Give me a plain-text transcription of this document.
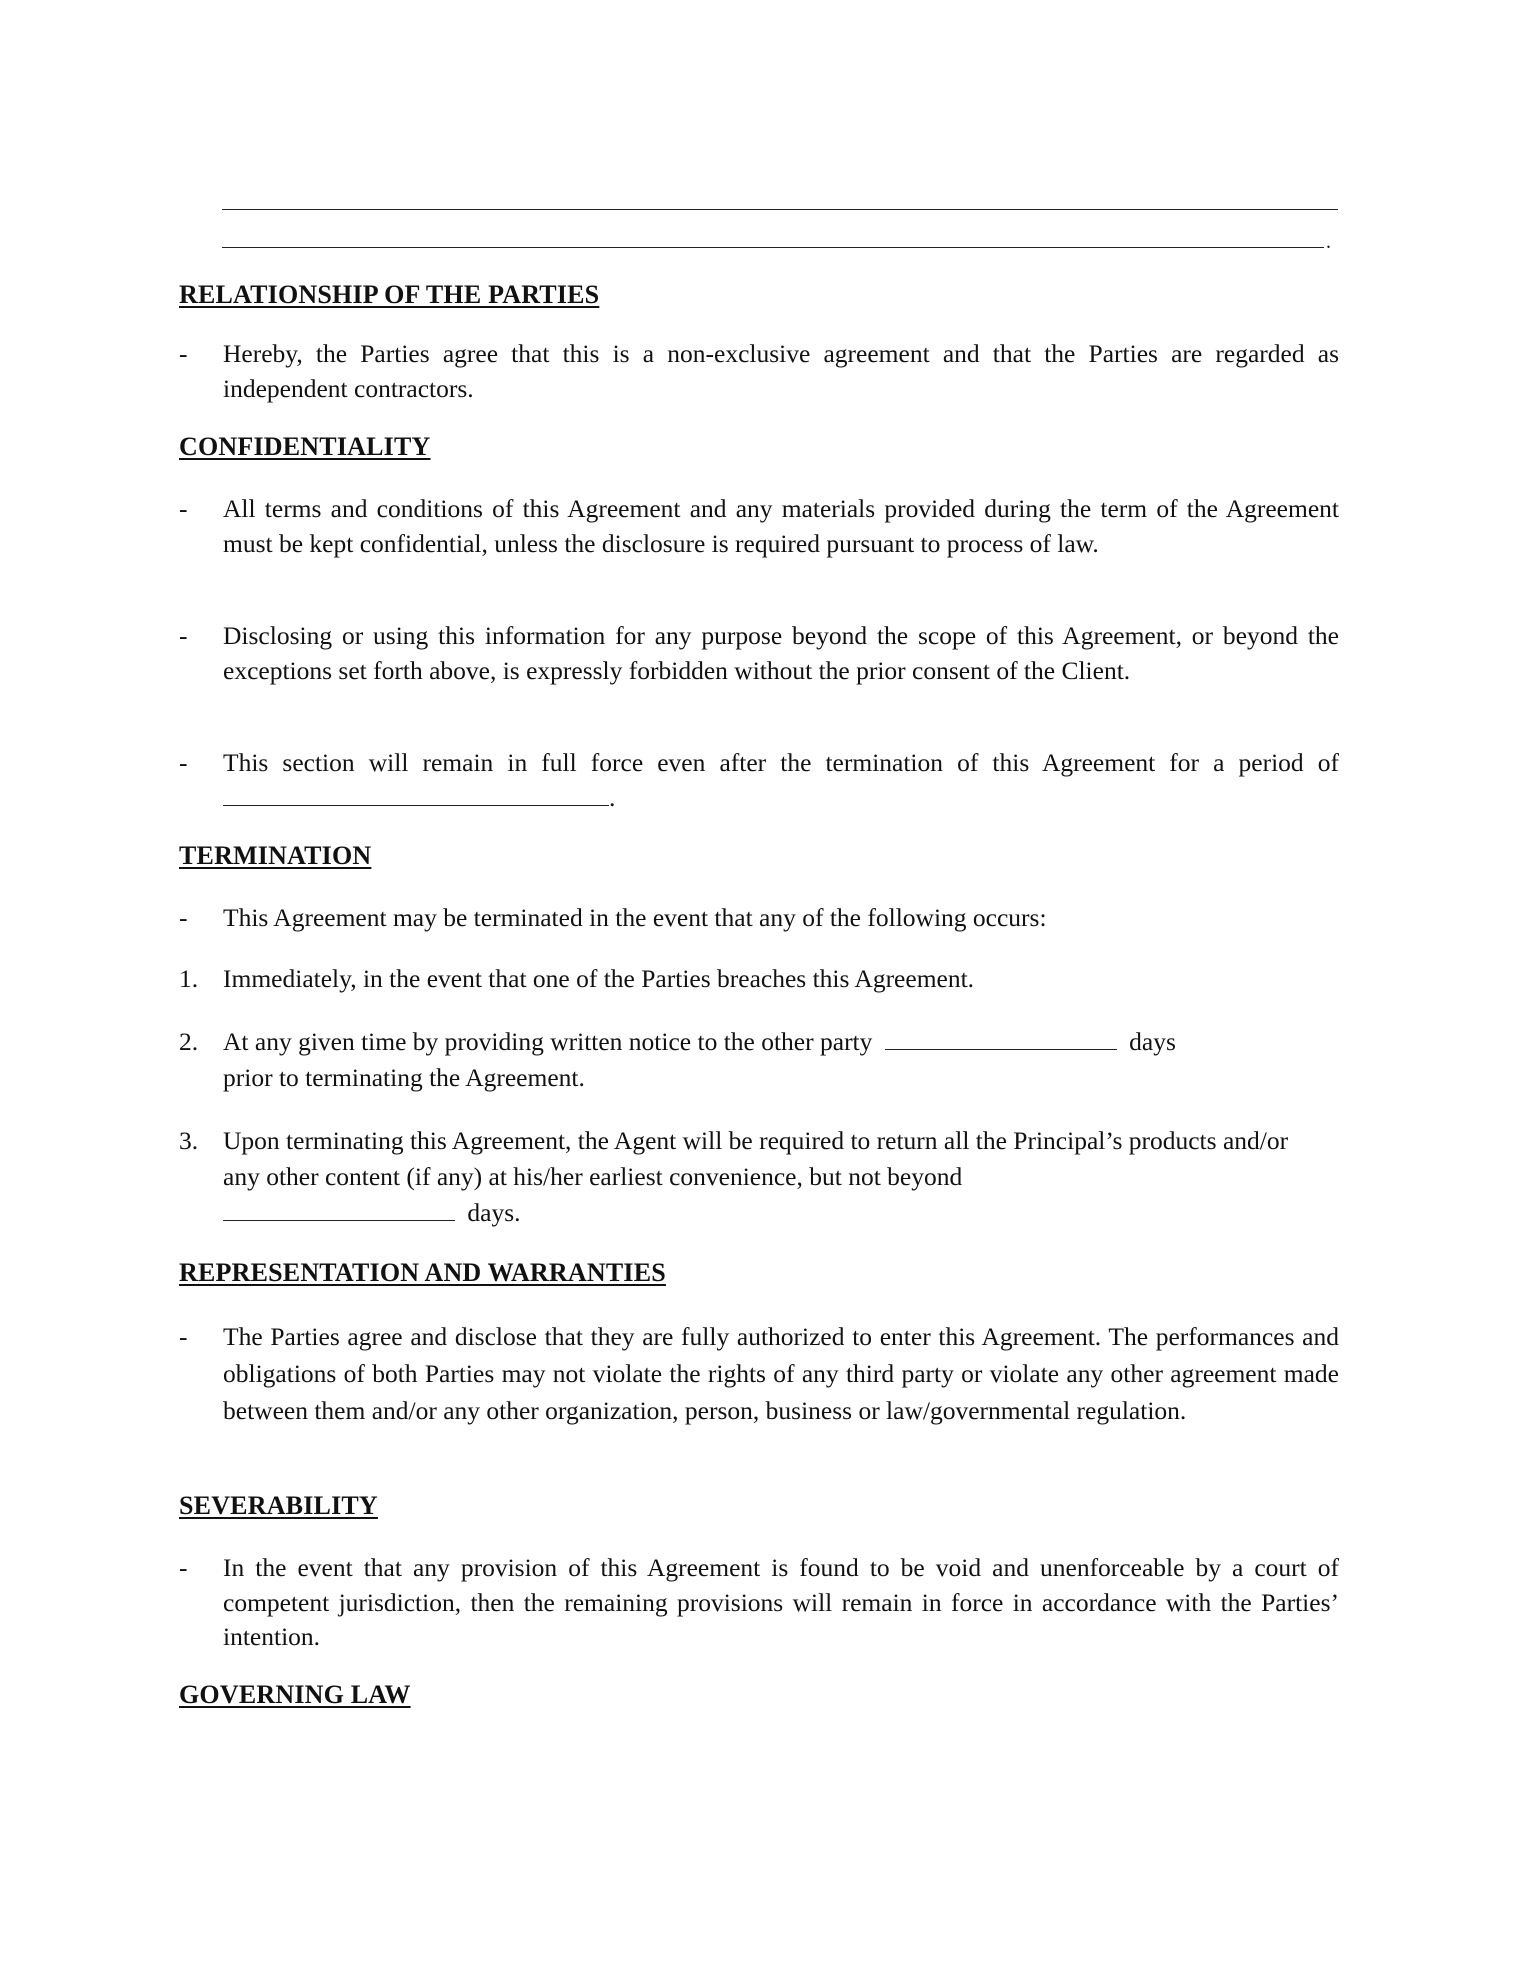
.
RELATIONSHIP OF THE PARTIES
- Hereby, the Parties agree that this is a non-exclusive agreement and that the Parties are regarded as independent contractors.
CONFIDENTIALITY
- All terms and conditions of this Agreement and any materials provided during the term of the Agreement must be kept confidential, unless the disclosure is required pursuant to process of law.
- Disclosing or using this information for any purpose beyond the scope of this Agreement, or beyond the exceptions set forth above, is expressly forbidden without the prior consent of the Client.
- This section will remain in full force even after the termination of this Agreement for a period of .
TERMINATION
- This Agreement may be terminated in the event that any of the following occurs:
1. Immediately, in the event that one of the Parties breaches this Agreement.
2. At any given time by providing written notice to the other party	days
prior to terminating the Agreement.
3. Upon terminating this Agreement, the Agent will be required to return all the Principal’s products and/or any other content (if any) at his/her earliest convenience, but not beyond
days.
REPRESENTATION AND WARRANTIES
- The Parties agree and disclose that they are fully authorized to enter this Agreement. The performances and obligations of both Parties may not violate the rights of any third party or violate any other agreement made between them and/or any other organization, person, business or law/governmental regulation.
SEVERABILITY
- In the event that any provision of this Agreement is found to be void and unenforceable by a court of competent jurisdiction, then the remaining provisions will remain in force in accordance with the Parties’ intention.
GOVERNING LAW
